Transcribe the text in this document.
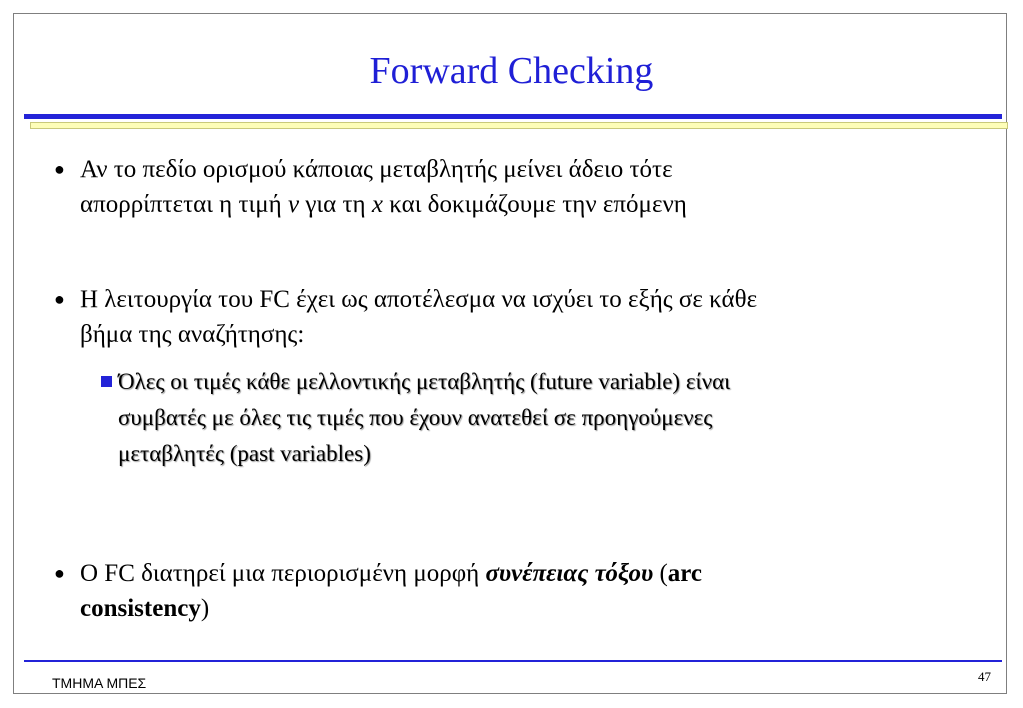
Forward Checking
● Αν το πεδίο ορισμού κάποιας μεταβλητής μείνει άδειο τότε
απορρίπτεται η τιμή v για τη x και δοκιμάζουμε την επόμενη
● Η λειτουργία του FC έχει ως αποτέλεσμα να ισχύει το εξής σε κάθε
βήμα της αναζήτησης:
Όλες οι τιμές κάθε μελλοντικής μεταβλητής (future variable) είναι
συμβατές με όλες τις τιμές που έχουν ανατεθεί σε προηγούμενες
μεταβλητές (past variables)
● Ο FC διατηρεί μια περιορισμένη μορφή συνέπειας τόξου (arc
consistency)
ΤΜΗΜΑ ΜΠΕΣ	47
